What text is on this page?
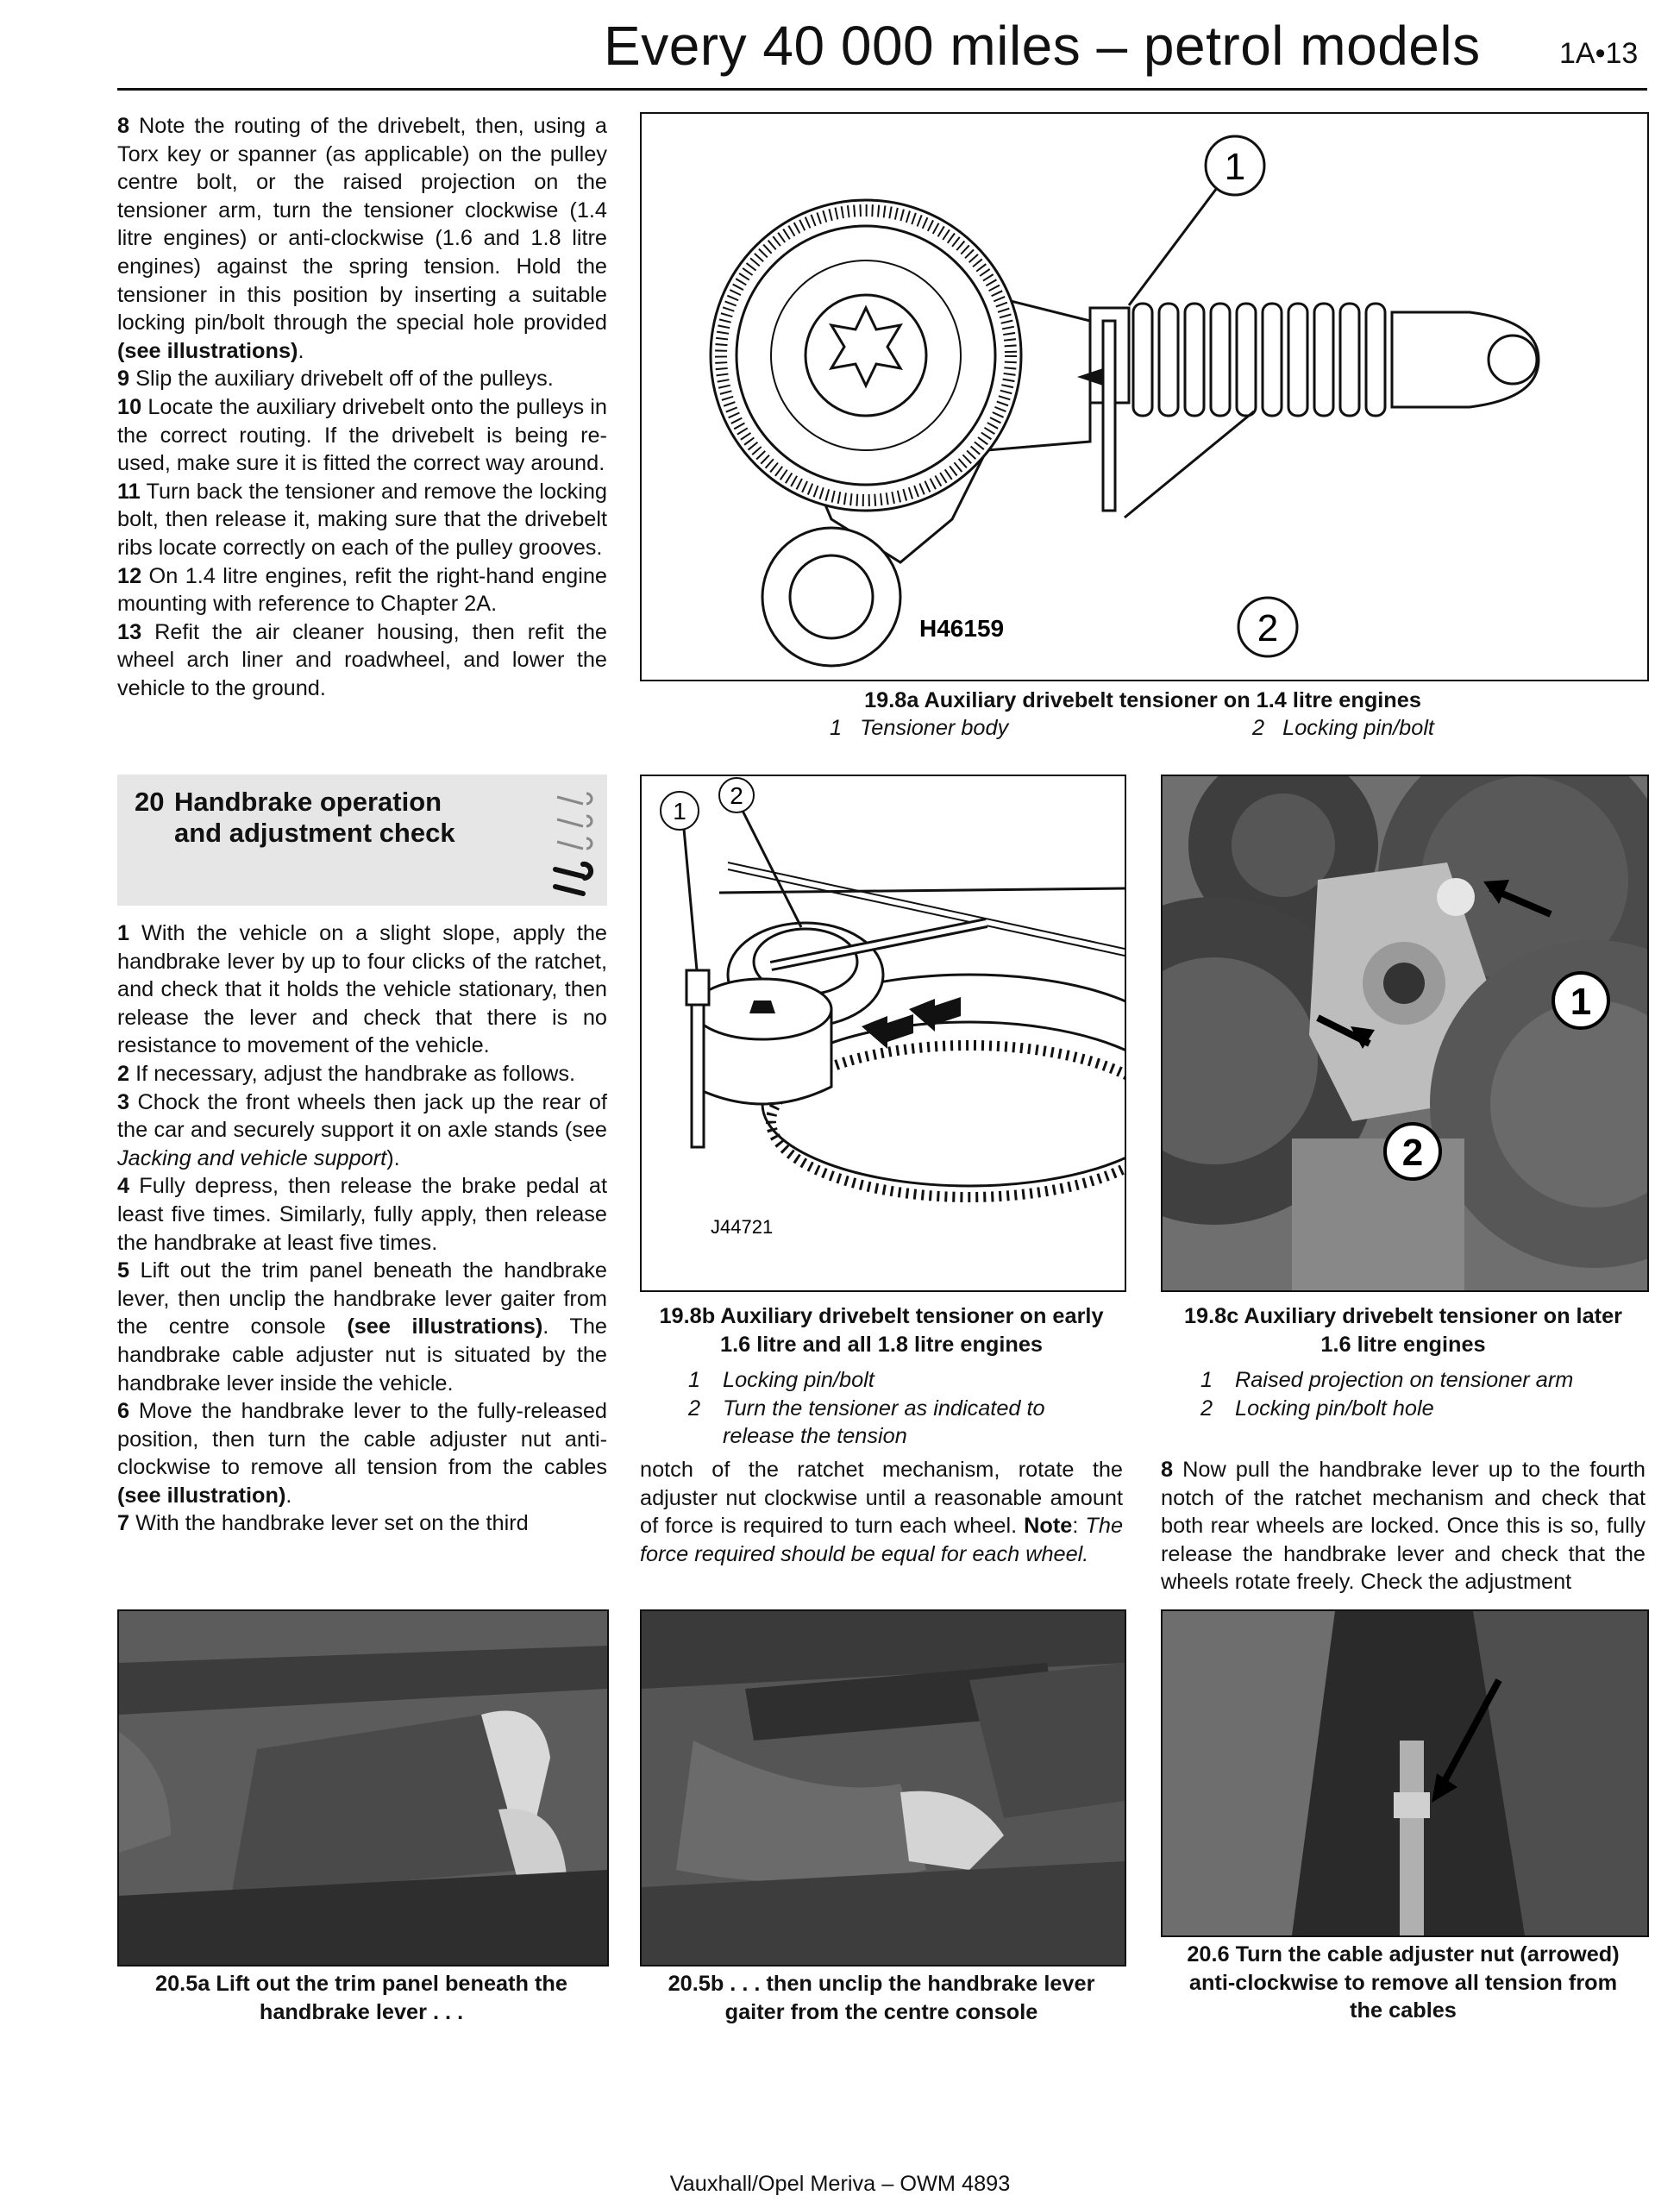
Every 40 000 miles – petrol models	1A•13

8 Note the routing of the drivebelt, then, using a Torx key or spanner (as applicable) on the pulley centre bolt, or the raised projection on the tensioner arm, turn the tensioner clockwise (1.4 litre engines) or anti-clockwise (1.6 and 1.8 litre engines) against the spring tension. Hold the tensioner in this position by inserting a suitable locking pin/bolt through the special hole provided (see illustrations).

9 Slip the auxiliary drivebelt off of the pulleys.

10 Locate the auxiliary drivebelt onto the pulleys in the correct routing. If the drivebelt is being re-used, make sure it is fitted the correct way around.

11 Turn back the tensioner and remove the locking bolt, then release it, making sure that the drivebelt ribs locate correctly on each of the pulley grooves.

12 On 1.4 litre engines, refit the right-hand engine mounting with reference to Chapter 2A.

13 Refit the air cleaner housing, then refit the wheel arch liner and roadwheel, and lower the vehicle to the ground.

20 Handbrake operation
and adjustment check

1 With the vehicle on a slight slope, apply the handbrake lever by up to four clicks of the ratchet, and check that it holds the vehicle stationary, then release the lever and check that there is no resistance to movement of the vehicle.

2 If necessary, adjust the handbrake as follows.

3 Chock the front wheels then jack up the rear of the car and securely support it on axle stands (see Jacking and vehicle support).

4 Fully depress, then release the brake pedal at least five times. Similarly, fully apply, then release the handbrake at least five times.

5 Lift out the trim panel beneath the handbrake lever, then unclip the handbrake lever gaiter from the centre console (see illustrations). The handbrake cable adjuster nut is situated by the handbrake lever inside the vehicle.

6 Move the handbrake lever to the fully-released position, then turn the cable adjuster nut anti-clockwise to remove all tension from the cables (see illustration).

7 With the handbrake lever set on the third

1
2
H46159
19.8a Auxiliary drivebelt tensioner on 1.4 litre engines
1 Tensioner body	2 Locking pin/bolt
1
2
J44721
19.8b Auxiliary drivebelt tensioner on early
1.6 litre and all 1.8 litre engines
1 Locking pin/bolt
2 Turn the tensioner as indicated to
release the tension
1
2
19.8c Auxiliary drivebelt tensioner on later
1.6 litre engines
1 Raised projection on tensioner arm
2 Locking pin/bolt hole

notch of the ratchet mechanism, rotate the adjuster nut clockwise until a reasonable amount of force is required to turn each wheel. Note: The force required should be equal for each wheel.

8 Now pull the handbrake lever up to the fourth notch of the ratchet mechanism and check that both rear wheels are locked. Once this is so, fully release the handbrake lever and check that the wheels rotate freely. Check the adjustment

20.5a Lift out the trim panel beneath the
handbrake lever . . .
20.5b . . . then unclip the handbrake lever
gaiter from the centre console
20.6 Turn the cable adjuster nut (arrowed)
anti-clockwise to remove all tension from
the cables
Vauxhall/Opel Meriva – OWM 4893
